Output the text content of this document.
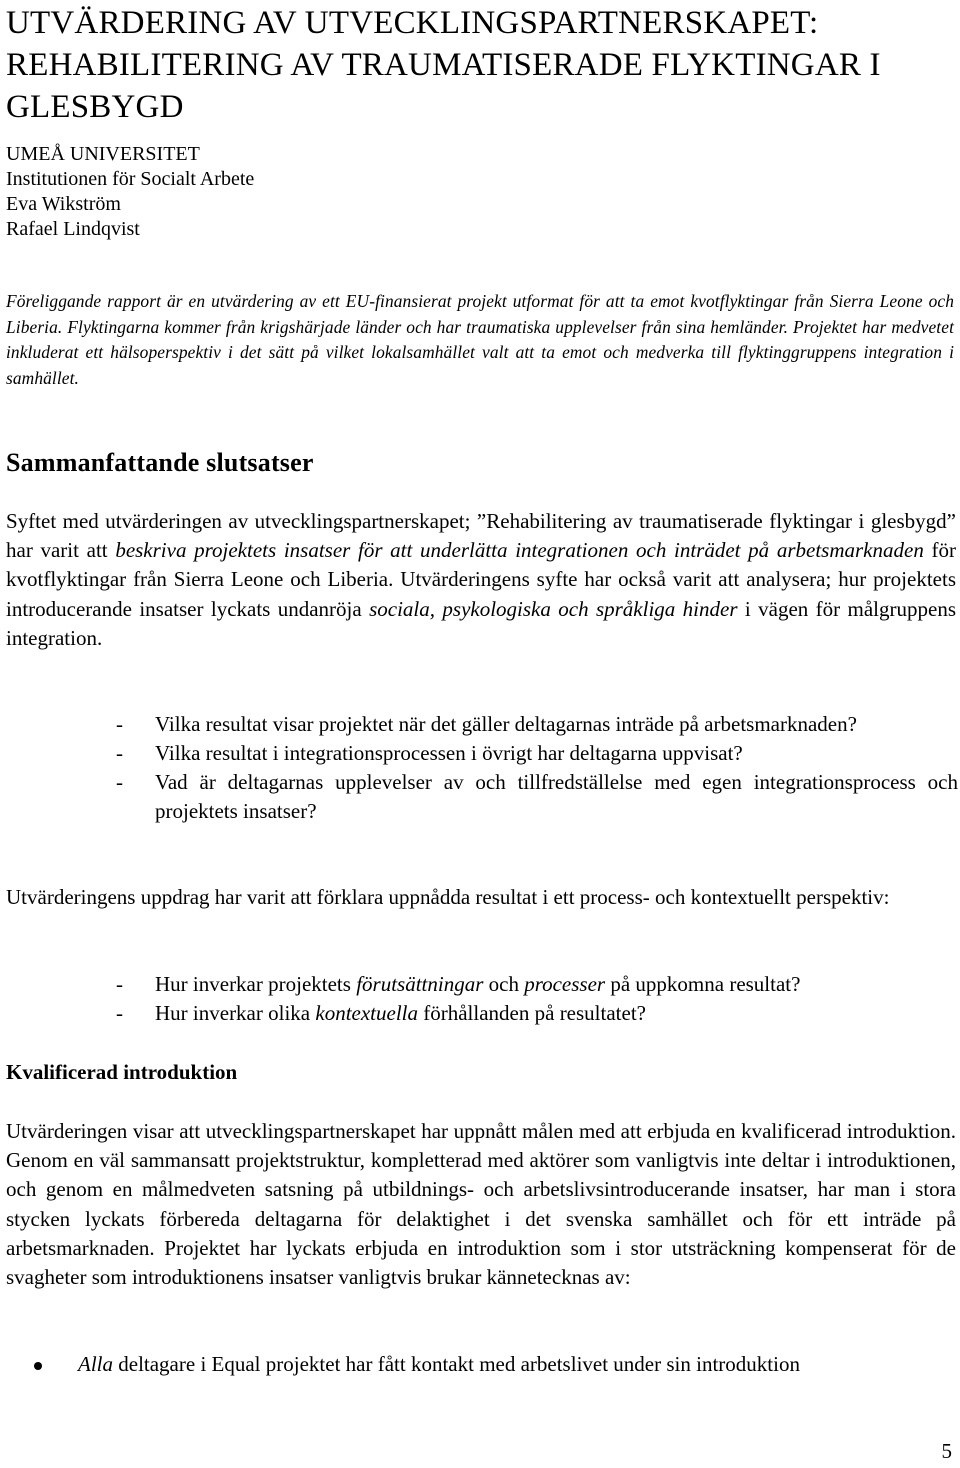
UTVÄRDERING AV UTVECKLINGSPARTNERSKAPET: REHABILITERING AV TRAUMATISERADE FLYKTINGAR I GLESBYGD
UMEÅ UNIVERSITET
Institutionen för Socialt Arbete
Eva Wikström
Rafael Lindqvist

Föreliggande rapport är en utvärdering av ett EU-finansierat projekt utformat för att ta emot kvotflyktingar från Sierra Leone och Liberia. Flyktingarna kommer från krigshärjade länder och har traumatiska upplevelser från sina hemländer. Projektet har medvetet inkluderat ett hälsoperspektiv i det sätt på vilket lokalsamhället valt att ta emot och medverka till flyktinggruppens integration i samhället.

Sammanfattande slutsatser

Syftet med utvärderingen av utvecklingspartnerskapet; ”Rehabilitering av traumatiserade flyktingar i glesbygd” har varit att beskriva projektets insatser för att underlätta integrationen och inträdet på arbetsmarknaden för kvotflyktingar från Sierra Leone och Liberia. Utvärderingens syfte har också varit att analysera; hur projektets introducerande insatser lyckats undanröja sociala, psykologiska och språkliga hinder i vägen för målgruppens integration.

- Vilka resultat visar projektet när det gäller deltagarnas inträde på arbetsmarknaden?
- Vilka resultat i integrationsprocessen i övrigt har deltagarna uppvisat?
- Vad är deltagarnas upplevelser av och tillfredställelse med egen integrationsprocess och projektets insatser?

Utvärderingens uppdrag har varit att förklara uppnådda resultat i ett process- och kontextuellt perspektiv:

- Hur inverkar projektets förutsättningar och processer på uppkomna resultat?
- Hur inverkar olika kontextuella förhållanden på resultatet?
Kvalificerad introduktion

Utvärderingen visar att utvecklingspartnerskapet har uppnått målen med att erbjuda en kvalificerad introduktion. Genom en väl sammansatt projektstruktur, kompletterad med aktörer som vanligtvis inte deltar i introduktionen, och genom en målmedveten satsning på utbildnings- och arbetslivsintroducerande insatser, har man i stora stycken lyckats förbereda deltagarna för delaktighet i det svenska samhället och för ett inträde på arbetsmarknaden. Projektet har lyckats erbjuda en introduktion som i stor utsträckning kompenserat för de svagheter som introduktionens insatser vanligtvis brukar kännetecknas av:

Alla deltagare i Equal projektet har fått kontakt med arbetslivet under sin introduktion
5
